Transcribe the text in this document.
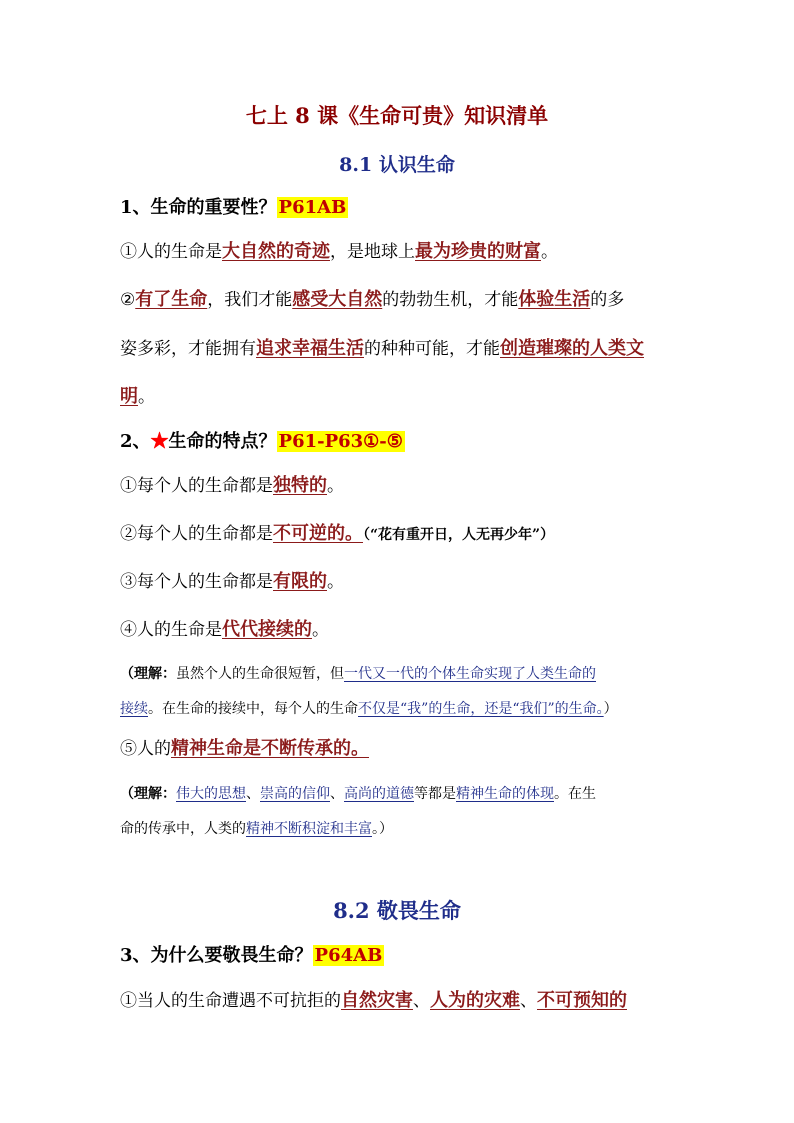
七上 8 课《生命可贵》知识清单
8.1 认识生命
1、生命的重要性？ P61AB
①人的生命是大自然的奇迹，是地球上最为珍贵的财富。
②有了生命，我们才能感受大自然的勃勃生机，才能体验生活的多
姿多彩，才能拥有追求幸福生活的种种可能，才能创造璀璨的人类文
明。
2、★生命的特点？ P61-P63①-⑤
①每个人的生命都是独特的。
②每个人的生命都是不可逆的。（“花有重开日，人无再少年”）
③每个人的生命都是有限的。
④人的生命是代代接续的。
（理解：虽然个人的生命很短暂，但一代又一代的个体生命实现了人类生命的
接续。在生命的接续中，每个人的生命不仅是“我”的生命，还是“我们”的生命。）
⑤人的精神生命是不断传承的。
（理解：伟大的思想、崇高的信仰、高尚的道德等都是精神生命的体现。在生
命的传承中，人类的精神不断积淀和丰富。）
8.2 敬畏生命
3、为什么要敬畏生命？ P64AB
①当人的生命遭遇不可抗拒的自然灾害、人为的灾难、不可预知的
